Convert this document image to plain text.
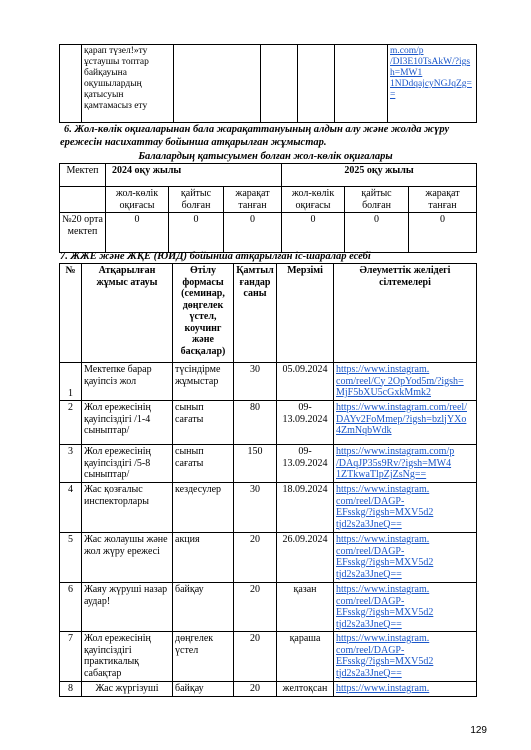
	қарап түзел!»ту
ұстаушы топтар
байқауына
оқушылардың
қатысуын
қамтамасыз ету					m.com/p
/DI3E10TsAkW/?igs
h=MW1
1NDdqajcyNGJqZg=
=
6. Жол-көлік оқиғаларынан бала жарақаттануының алдын алу және жолда жүру ережесін насихаттау бойынша атқарылған жұмыстар.
Балалардың қатысуымен болған жол-көлік оқиғалары
Мектеп	2024 оқу жылы			2025 оқу жылы		
	жол-көлік оқиғасы	қайтыс болған	жарақат танған	жол-көлік оқиғасы	қайтыс болған	жарақат танған
№20 орта мектеп	0	0	0	0	0	0
7. ЖЖЕ және ЖҚЕ (ЮИД) бойынша атқарылған іс-шаралар есебі
№	Атқарылған жұмыс атауы	Өтілу формасы (семинар, дөңгелек үстел, коучинг және басқалар)	Қамтыл ғандар саны	Мерзімі	Әлеуметтік желідегі сілтемелері
1	Мектепке барар қауіпсіз жол	түсіндірме жұмыстар	30	05.09.2024	https://www.instagram.
com/reel/Cy 2OpYod5m/?igsh=
MjF5bXU5cGxkMmk2
2	Жол ережесінің қауіпсіздігі /1-4 сыныптар/	сынып сағаты	80	09-
13.09.2024	https://www.instagram.com/reel/
DAYv2FoMmep/?igsh=bzljYXo
4ZmNqbWdk
3	Жол ережесінің қауіпсіздігі /5-8 сыныптар/	сынып сағаты	150	09-
13.09.2024	https://www.instagram.com/p
/DAqJP35s9Rv/?igsh=MW4
1ZTkwaTlpZjZsNg==
4	Жас қозғалыс инспекторлары	кездесулер	30	18.09.2024	https://www.instagram.
com/reel/DAGP-
EFsskg/?igsh=MXV5d2
tjd2s2a3JneQ==
5	Жас жолаушы және жол жүру ережесі	акция	20	26.09.2024	https://www.instagram.
com/reel/DAGP-
EFsskg/?igsh=MXV5d2
tjd2s2a3JneQ==
6	Жаяу жүруші назар аудар!	байқау	20	қазан	https://www.instagram.
com/reel/DAGP-
EFsskg/?igsh=MXV5d2
tjd2s2a3JneQ==
7	Жол ережесінің қауіпсіздігі практикалық сабақтар	дөңгелек үстел	20	қараша	https://www.instagram.
com/reel/DAGP-
EFsskg/?igsh=MXV5d2
tjd2s2a3JneQ==
8	Жас жүргізуші	байқау	20	желтоқсан	https://www.instagram.
129
